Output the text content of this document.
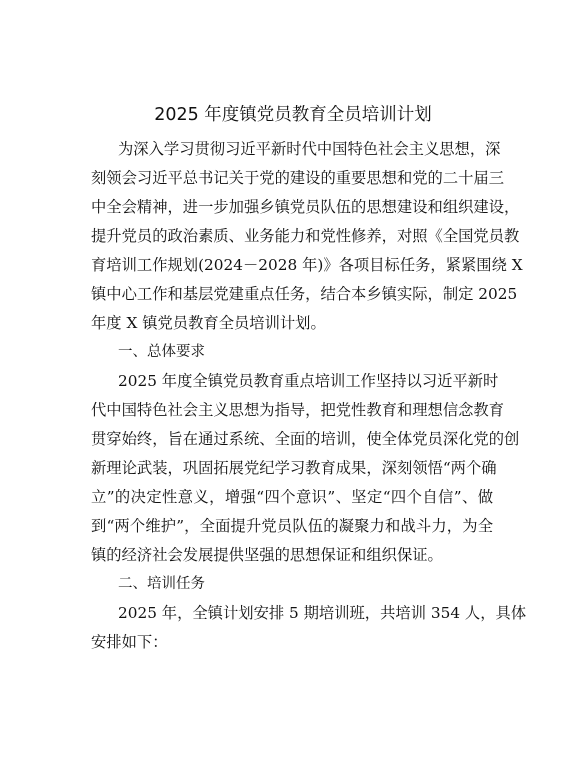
2025 年度镇党员教育全员培训计划
为深入学习贯彻习近平新时代中国特色社会主义思想，深
刻领会习近平总书记关于党的建设的重要思想和党的二十届三
中全会精神，进一步加强乡镇党员队伍的思想建设和组织建设，
提升党员的政治素质、业务能力和党性修养，对照《全国党员教
育培训工作规划(2024－2028 年)》各项目标任务，紧紧围绕 X
镇中心工作和基层党建重点任务，结合本乡镇实际，制定 2025
年度 X 镇党员教育全员培训计划。
一、总体要求
2025 年度全镇党员教育重点培训工作坚持以习近平新时
代中国特色社会主义思想为指导，把党性教育和理想信念教育
贯穿始终，旨在通过系统、全面的培训，使全体党员深化党的创
新理论武装，巩固拓展党纪学习教育成果，深刻领悟“两个确
立”的决定性意义，增强“四个意识”、坚定“四个自信”、做
到“两个维护”，全面提升党员队伍的凝聚力和战斗力，为全
镇的经济社会发展提供坚强的思想保证和组织保证。
二、培训任务
2025 年，全镇计划安排 5 期培训班，共培训 354 人，具体
安排如下：
